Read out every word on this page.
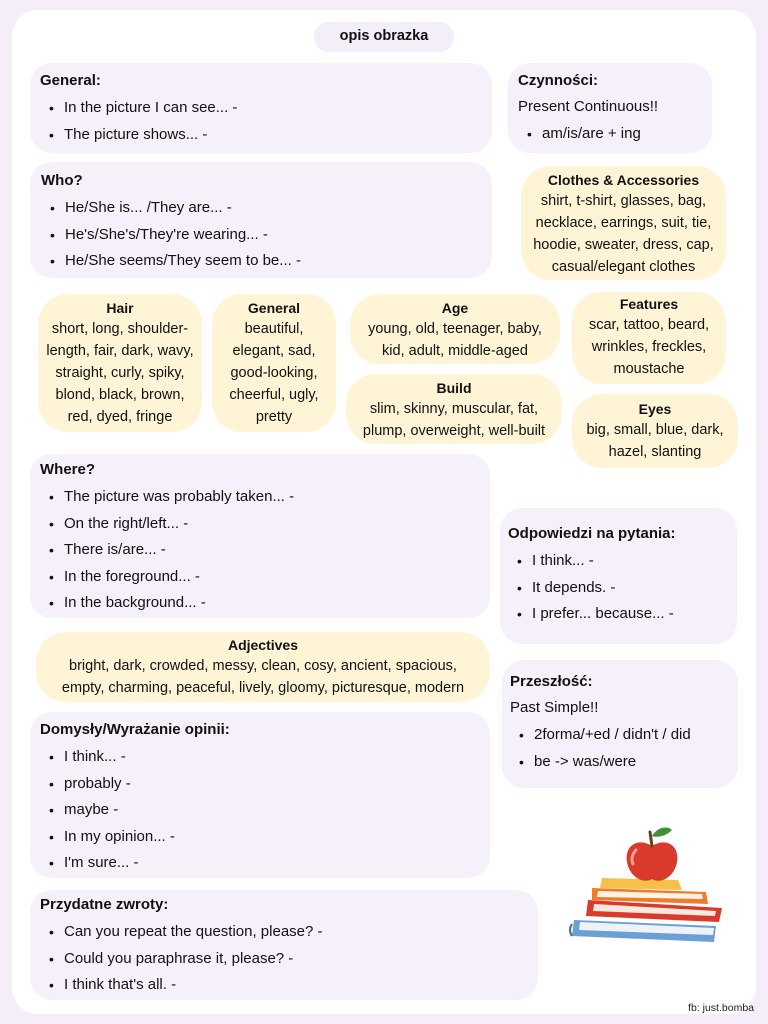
opis obrazka
General:
• In the picture I can see... -
• The picture shows... -
Czynności:
Present Continuous!!
• am/is/are + ing
Who?
• He/She is... /They are... -
• He's/She's/They're wearing... -
• He/She seems/They seem to be... -
Clothes & Accessories
shirt, t-shirt, glasses, bag, necklace, earrings, suit, tie, hoodie, sweater, dress, cap, casual/elegant clothes
Hair
short, long, shoulder-length, fair, dark, wavy, straight, curly, spiky, blond, black, brown, red, dyed, fringe
General
beautiful, elegant, sad, good-looking, cheerful, ugly, pretty
Age
young, old, teenager, baby, kid, adult, middle-aged
Build
slim, skinny, muscular, fat, plump, overweight, well-built
Features
scar, tattoo, beard, wrinkles, freckles, moustache
Eyes
big, small, blue, dark, hazel, slanting
Where?
• The picture was probably taken... -
• On the right/left... -
• There is/are... -
• In the foreground... -
• In the background... -
Odpowiedzi na pytania:
• I think... -
• It depends. -
• I prefer... because... -
Adjectives
bright, dark, crowded, messy, clean, cosy, ancient, spacious, empty, charming, peaceful, lively, gloomy, picturesque, modern	Przeszłość:
Past Simple!!
• 2forma/+ed / didn't / did
• be -> was/were
Domysły/Wyrażanie opinii:
• I think... -
• probably -
• maybe -
• In my opinion... -
• I'm sure... -
Przydatne zwroty:
• Can you repeat the question, please? -
• Could you paraphrase it, please? -
• I think that's all. -
fb: just.bomba
